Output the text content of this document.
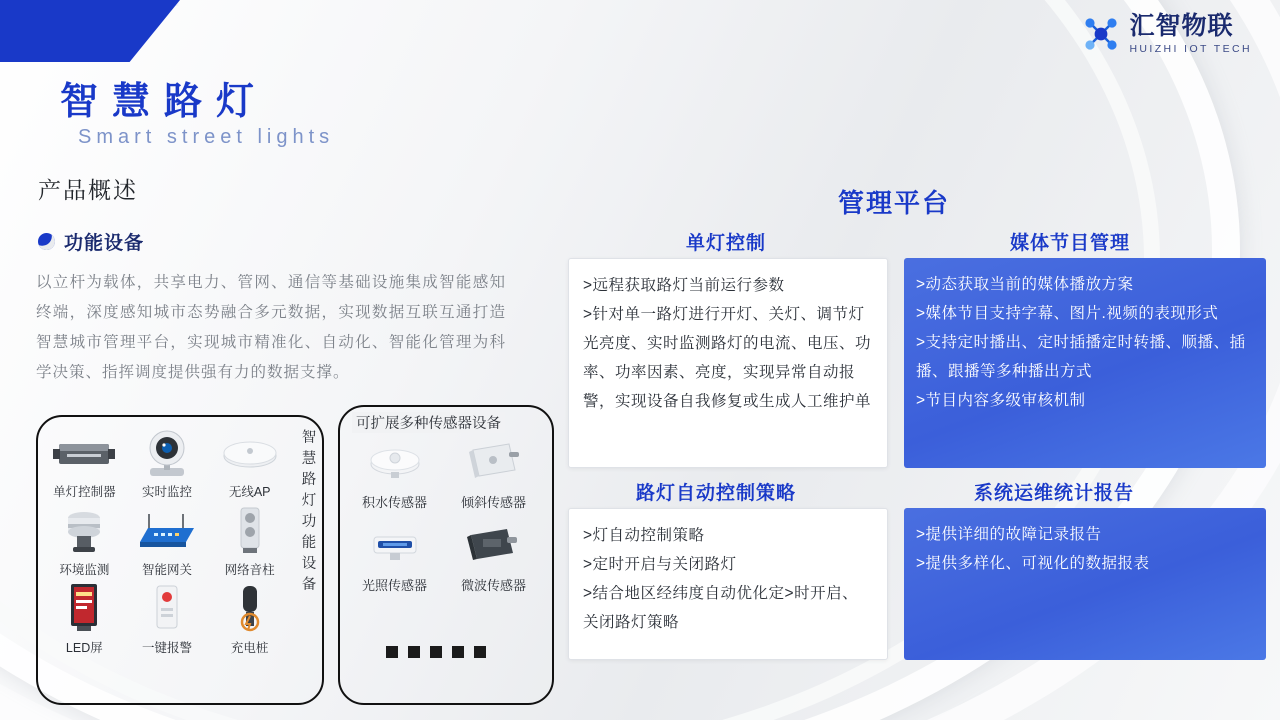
汇智物联
HUIZHI IOT TECH
智慧路灯
Smart street lights
产品概述
功能设备
以立杆为载体，共享电力、管网、通信等基础设施集成智能感知终端，深度感知城市态势融合多元数据，实现数据互联互通打造智慧城市管理平台，实现城市精准化、自动化、智能化管理为科学决策、指挥调度提供强有力的数据支撑。
智慧路灯功能设备
单灯控制器	实时监控	无线AP
环境监测	智能网关	网络音柱
LED屏	一键报警	充电桩
可扩展多种传感器设备
积水传感器	倾斜传感器
光照传感器	微波传感器
管理平台
单灯控制
>远程获取路灯当前运行参数
>针对单一路灯进行开灯、关灯、调节灯光亮度、实时监测路灯的电流、电压、功率、功率因素、亮度，实现异常自动报警，实现设备自我修复或生成人工维护单
媒体节目管理
>动态获取当前的媒体播放方案
>媒体节目支持字幕、图片.视频的表现形式
>支持定时播出、定时插播定时转播、顺播、插播、跟播等多种播出方式
>节目内容多级审核机制
路灯自动控制策略
>灯自动控制策略
>定时开启与关闭路灯
>结合地区经纬度自动优化定>时开启、关闭路灯策略
系统运维统计报告
>提供详细的故障记录报告
>提供多样化、可视化的数据报表
